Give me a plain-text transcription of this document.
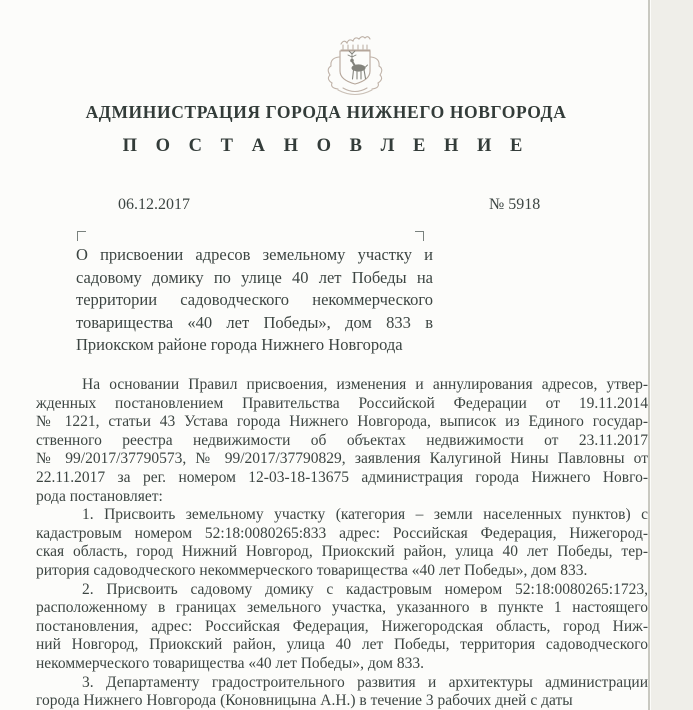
АДМИНИСТРАЦИЯ ГОРОДА НИЖНЕГО НОВГОРОДА
П О С Т А Н О В Л Е Н И Е
06.12.2017	№ 5918
О присвоении адресов земельному участку и
садовому домику по улице 40 лет Победы на
территории садоводческого некоммерческого
товарищества «40 лет Победы», дом 833 в
Приокском районе города Нижнего Новгорода
На основании Правил присвоения, изменения и аннулирования адресов, утвер-
жденных постановлением Правительства Российской Федерации от 19.11.2014
№ 1221, статьи 43 Устава города Нижнего Новгорода, выписок из Единого государ-
ственного реестра недвижимости об объектах недвижимости от 23.11.2017
№ 99/2017/37790573, № 99/2017/37790829, заявления Калугиной Нины Павловны от
22.11.2017 за рег. номером 12-03-18-13675 администрация города Нижнего Новго-
рода постановляет:
1. Присвоить земельному участку (категория – земли населенных пунктов) с
кадастровым номером 52:18:0080265:833 адрес: Российская Федерация, Нижегород-
ская область, город Нижний Новгород, Приокский район, улица 40 лет Победы, тер-
ритория садоводческого некоммерческого товарищества «40 лет Победы», дом 833.
2. Присвоить садовому домику с кадастровым номером 52:18:0080265:1723,
расположенному в границах земельного участка, указанного в пункте 1 настоящего
постановления, адрес: Российская Федерация, Нижегородская область, город Ниж-
ний Новгород, Приокский район, улица 40 лет Победы, территория садоводческого
некоммерческого товарищества «40 лет Победы», дом 833.
3. Департаменту градостроительного развития и архитектуры администрации
города Нижнего Новгорода (Коновницына А.Н.) в течение 3 рабочих дней с даты
